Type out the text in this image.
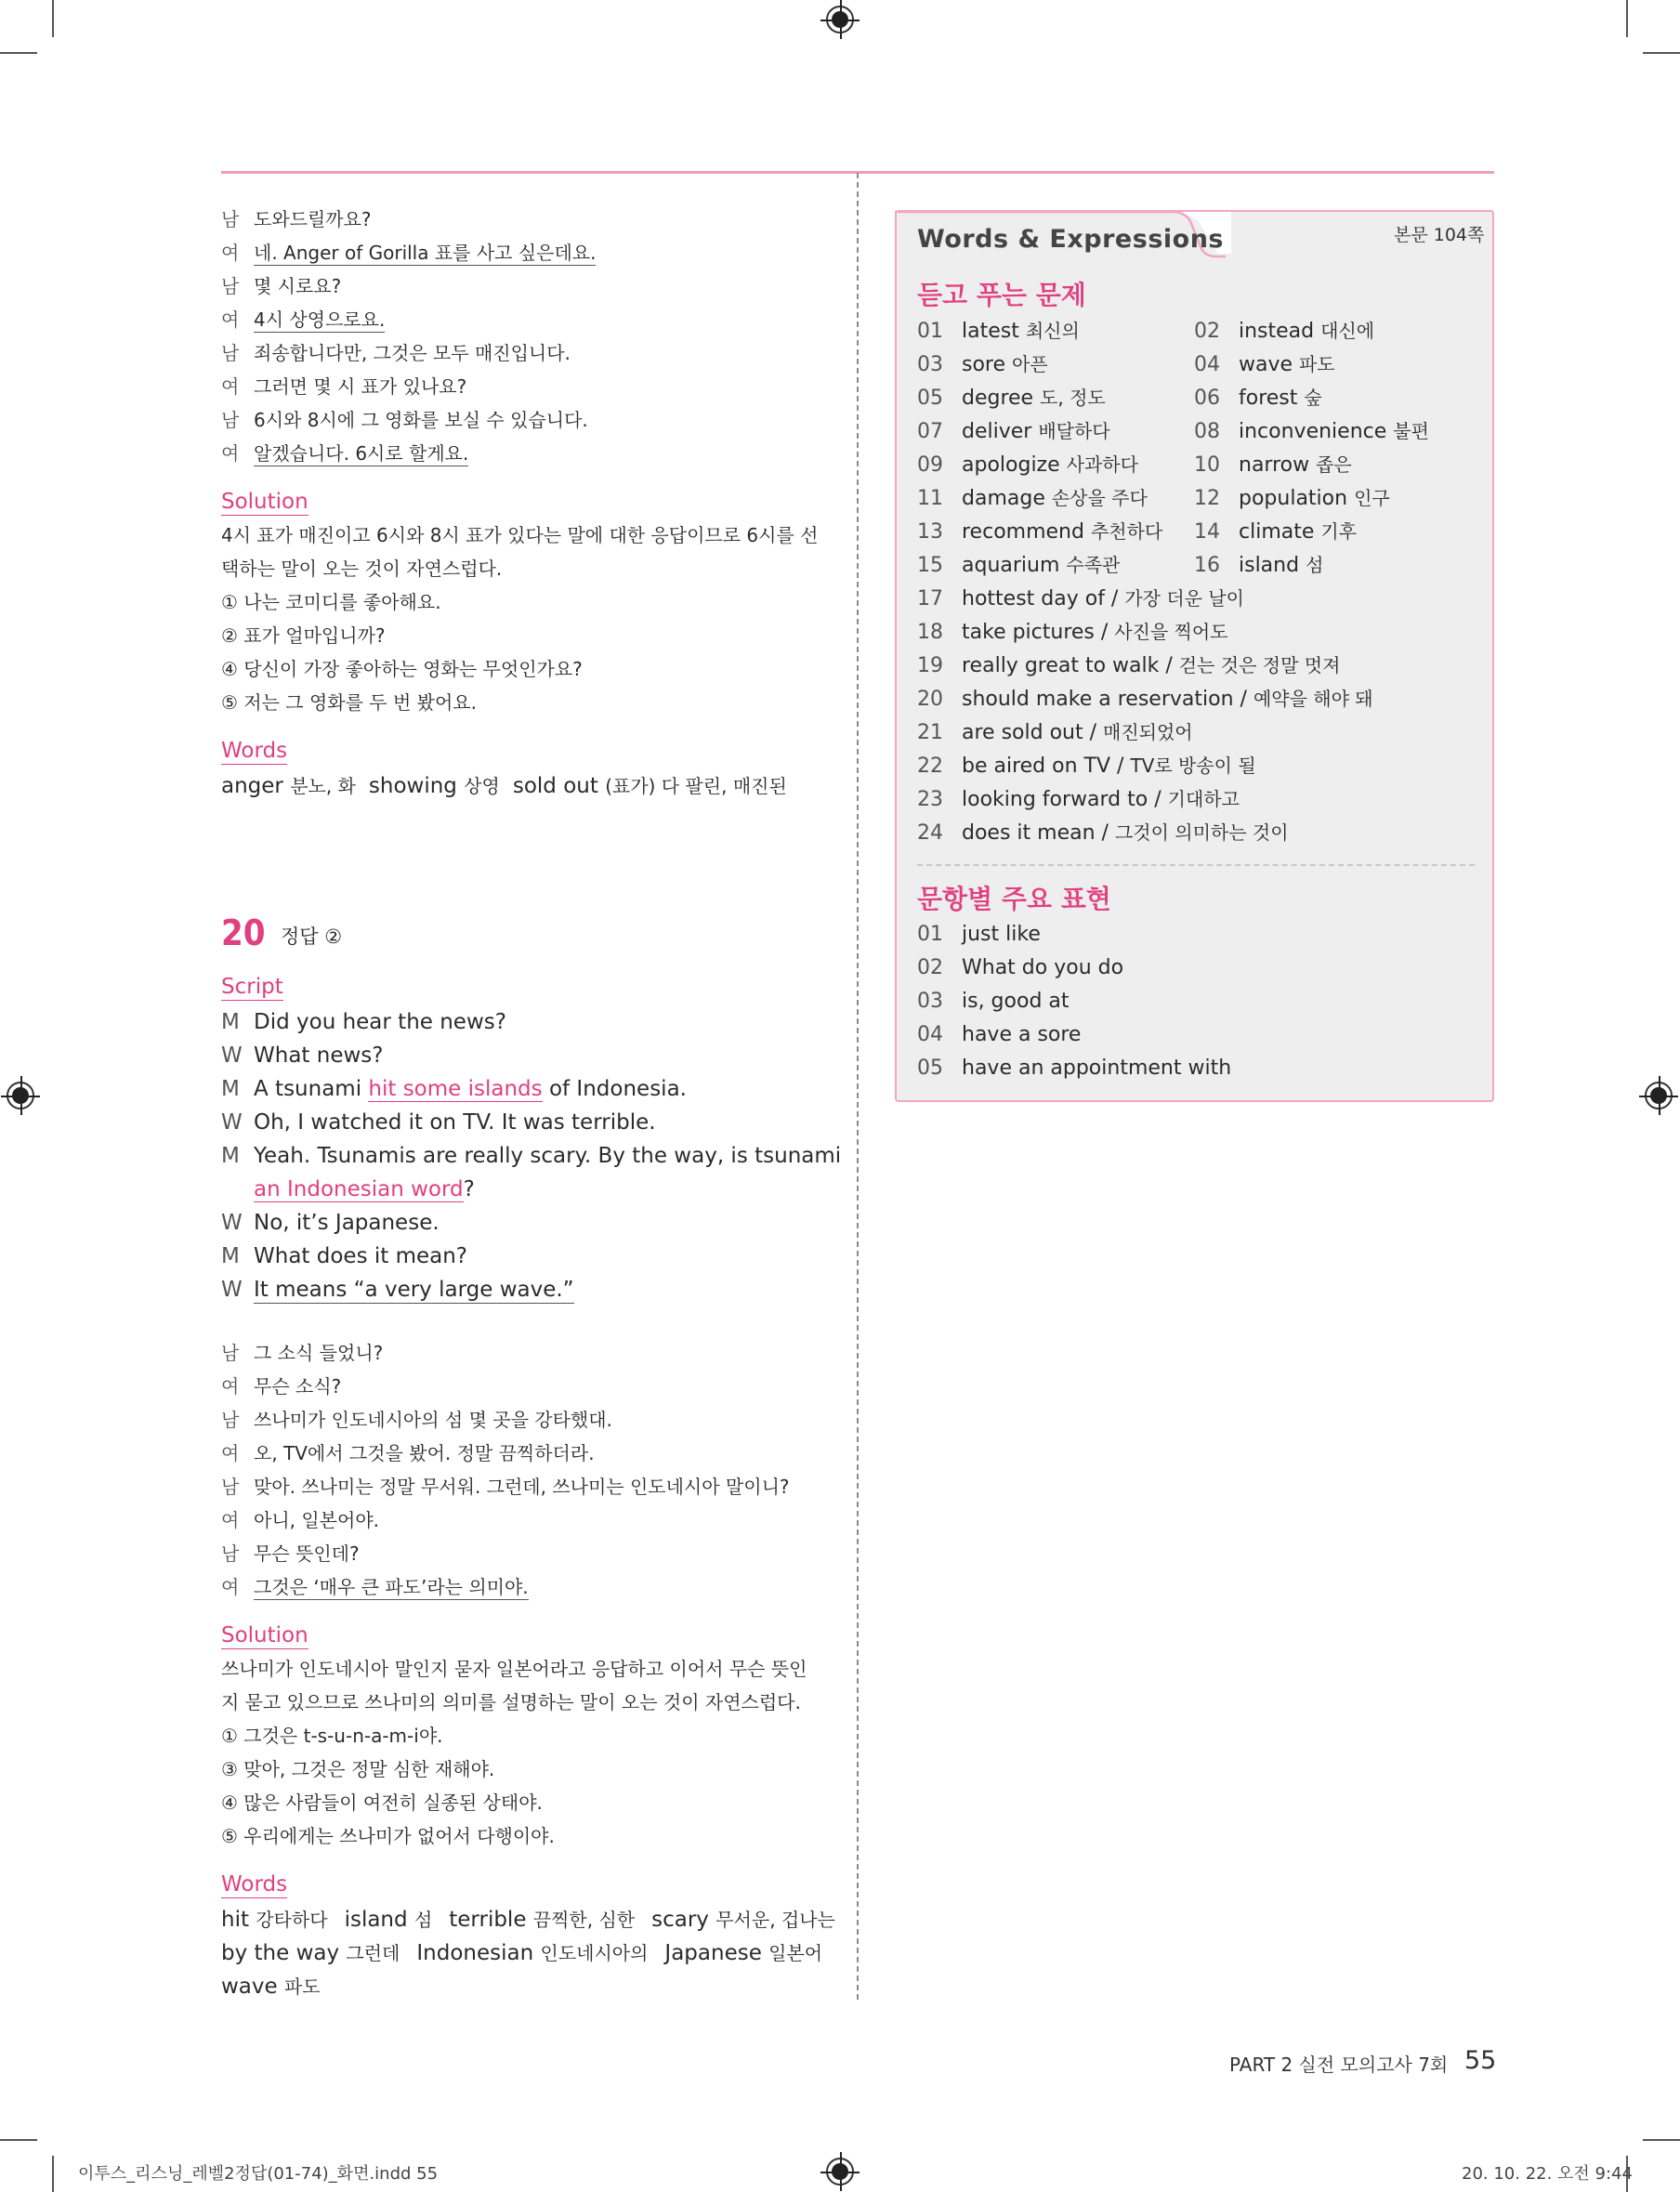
남 도와드릴까요?
여 네. Anger of Gorilla 표를 사고 싶은데요.
남 몇 시로요?
여 4시 상영으로요.
남 죄송합니다만, 그것은 모두 매진입니다.
여 그러면 몇 시 표가 있나요?
남 6시와 8시에 그 영화를 보실 수 있습니다.
여 알겠습니다. 6시로 할게요.
Solution
4시 표가 매진이고 6시와 8시 표가 있다는 말에 대한 응답이므로 6시를 선
택하는 말이 오는 것이 자연스럽다.
① 나는 코미디를 좋아해요.
② 표가 얼마입니까?
④ 당신이 가장 좋아하는 영화는 무엇인가요?
⑤ 저는 그 영화를 두 번 봤어요.
Words
anger 분노, 화 showing 상영 sold out (표가) 다 팔린, 매진된
20 정답 ②
Script
M Did you hear the news?
W What news?
M A tsunami hit some islands of Indonesia.
W Oh, I watched it on TV. It was terrible.
M Yeah. Tsunamis are really scary. By the way, is tsunami
an Indonesian word?
W No, it’s Japanese.
M What does it mean?
W It means “a very large wave.”
남 그 소식 들었니?
여 무슨 소식?
남 쓰나미가 인도네시아의 섬 몇 곳을 강타했대.
여 오, TV에서 그것을 봤어. 정말 끔찍하더라.
남 맞아. 쓰나미는 정말 무서워. 그런데, 쓰나미는 인도네시아 말이니?
여 아니, 일본어야.
남 무슨 뜻인데?
여 그것은 ‘매우 큰 파도’라는 의미야.
Solution
쓰나미가 인도네시아 말인지 묻자 일본어라고 응답하고 이어서 무슨 뜻인
지 묻고 있으므로 쓰나미의 의미를 설명하는 말이 오는 것이 자연스럽다.
① 그것은 t-s-u-n-a-m-i야.
③ 맞아, 그것은 정말 심한 재해야.
④ 많은 사람들이 여전히 실종된 상태야.
⑤ 우리에게는 쓰나미가 없어서 다행이야.
Words
hit 강타하다 island 섬 terrible 끔찍한, 심한 scary 무서운, 겁나는
by the way 그런데 Indonesian 인도네시아의 Japanese 일본어
wave 파도
Words & Expressions	본문 104쪽
듣고 푸는 문제
01 latest 최신의	02 instead 대신에
03 sore 아픈	04 wave 파도
05 degree 도, 정도	06 forest 숲
07 deliver 배달하다	08 inconvenience 불편
09 apologize 사과하다	10 narrow 좁은
11 damage 손상을 주다 12 population 인구
13 recommend 추천하다 14 climate 기후
15 aquarium 수족관	16 island 섬
17 hottest day of / 가장 더운 날이
18 take pictures / 사진을 찍어도
19 really great to walk / 걷는 것은 정말 멋져
20 should make a reservation / 예약을 해야 돼
21 are sold out / 매진되었어
22 be aired on TV / TV로 방송이 될
23 looking forward to / 기대하고
24 does it mean / 그것이 의미하는 것이
문항별 주요 표현
01 just like
02 What do you do
03 is, good at
04 have a sore
05 have an appointment with
PART 2 실전 모의고사 7회 55
이투스_리스닝_레벨2정답(01-74)_화면.indd 55	20. 10. 22. 오전 9:44
